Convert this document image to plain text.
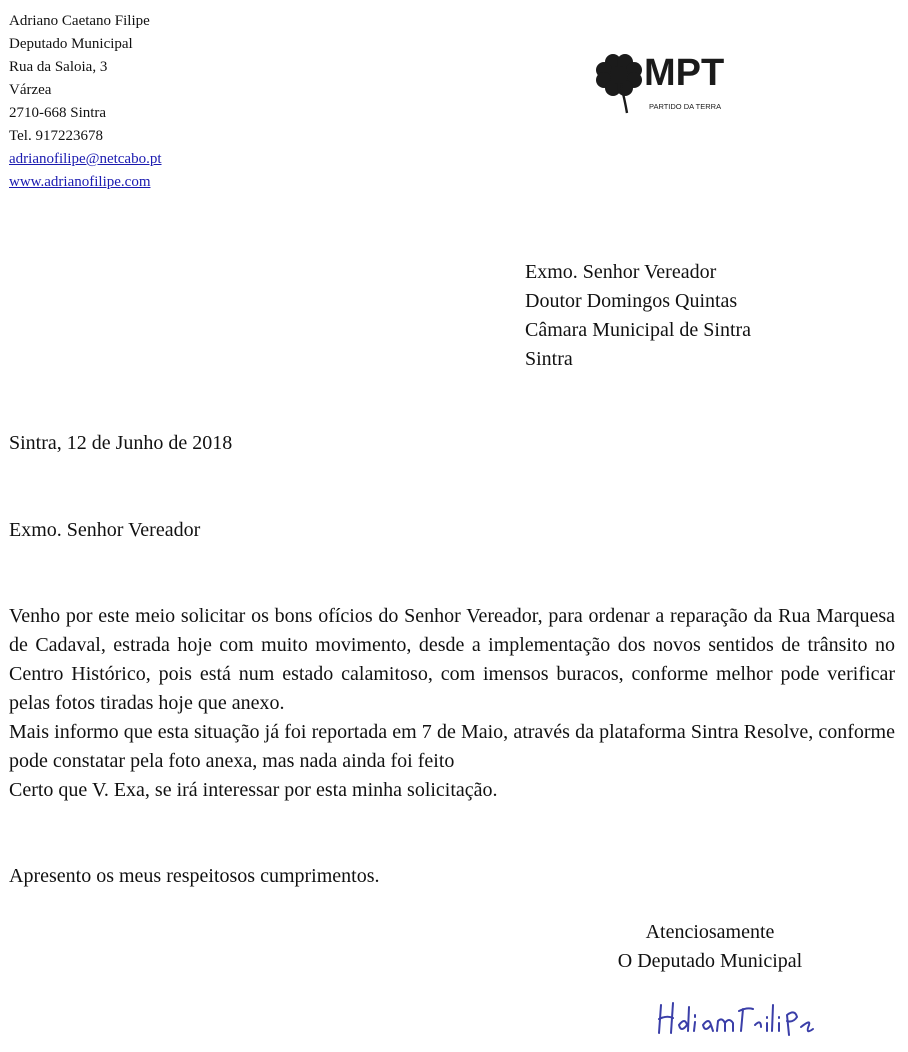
Adriano Caetano Filipe
Deputado Municipal
Rua da Saloia, 3
Várzea
2710-668 Sintra
Tel. 917223678
adrianofilipe@netcabo.pt
www.adrianofilipe.com
MPT
PARTIDO DA TERRA
Exmo. Senhor Vereador
Doutor Domingos Quintas
Câmara Municipal de Sintra
Sintra
Sintra, 12 de Junho de 2018
Exmo. Senhor Vereador

Venho por este meio solicitar os bons ofícios do Senhor Vereador, para ordenar a reparação da Rua Marquesa de Cadaval, estrada hoje com muito movimento, desde a implementação dos novos sentidos de trânsito no Centro Histórico, pois está num estado calamitoso, com imensos buracos, conforme melhor pode verificar pelas fotos tiradas hoje que anexo.

Mais informo que esta situação já foi reportada em 7 de Maio, através da plataforma Sintra Resolve, conforme pode constatar pela foto anexa, mas nada ainda foi feito

Certo que V. Exa, se irá interessar por esta minha solicitação.

Apresento os meus respeitosos cumprimentos.
Atenciosamente
O Deputado Municipal
